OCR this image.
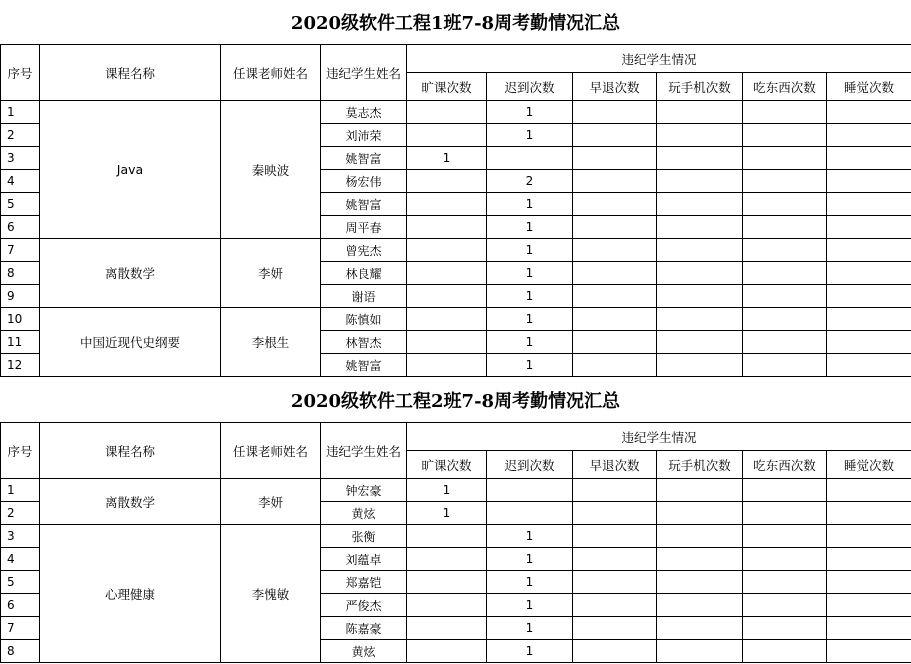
2020级软件工程1班7-8周考勤情况汇总
序号	课程名称	任课老师姓名	违纪学生姓名	违纪学生情况					
				旷课次数	迟到次数	早退次数	玩手机次数	吃东西次数	睡觉次数
1	Java	秦映波	莫志杰		1				
2			刘沛荣		1				
3			姚智富	1					
4			杨宏伟		2				
5			姚智富		1				
6			周平春		1				
7	离散数学	李妍	曾宪杰		1				
8			林良耀		1				
9			谢语		1				
10	中国近现代史纲要	李根生	陈慎如		1				
11			林智杰		1				
12			姚智富		1				
2020级软件工程2班7-8周考勤情况汇总
序号	课程名称	任课老师姓名	违纪学生姓名	违纪学生情况					
				旷课次数	迟到次数	早退次数	玩手机次数	吃东西次数	睡觉次数
1	离散数学	李妍	钟宏豪	1					
2			黄炫	1					
3	心理健康	李愧敏	张衡		1				
4			刘蕴卓		1				
5			郑嘉铠		1				
6			严俊杰		1				
7			陈嘉豪		1				
8			黄炫		1				
